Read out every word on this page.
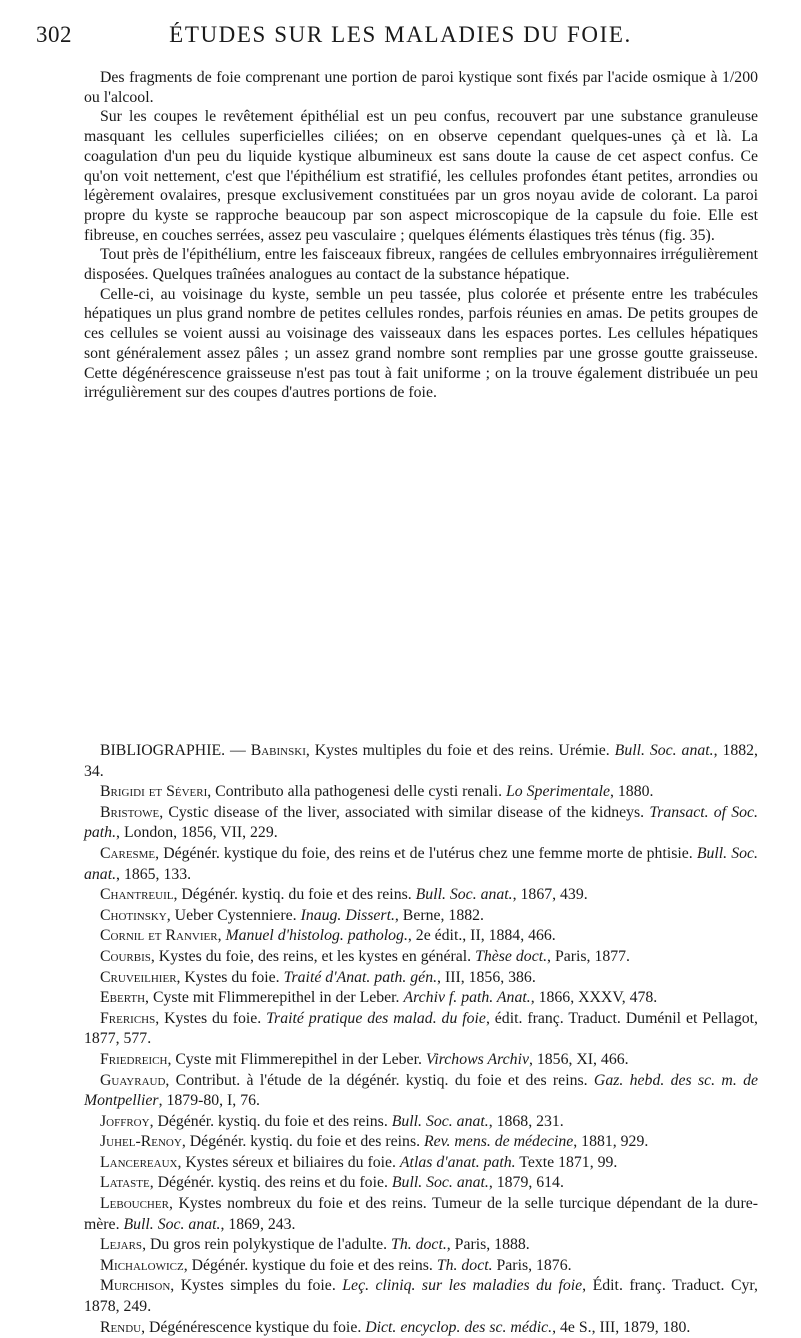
302	ÉTUDES SUR LES MALADIES DU FOIE.

Des fragments de foie comprenant une portion de paroi kystique sont fixés par l'acide osmique à 1/200 ou l'alcool.

Sur les coupes le revêtement épithélial est un peu confus, recouvert par une substance granuleuse masquant les cellules superficielles ciliées; on en observe cependant quelques-unes çà et là. La coagulation d'un peu du liquide kystique albumineux est sans doute la cause de cet aspect confus. Ce qu'on voit nettement, c'est que l'épithélium est stratifié, les cellules profondes étant petites, arrondies ou légèrement ovalaires, presque exclusivement constituées par un gros noyau avide de colorant. La paroi propre du kyste se rapproche beaucoup par son aspect microscopique de la capsule du foie. Elle est fibreuse, en couches serrées, assez peu vasculaire ; quelques éléments élastiques très ténus (fig. 35).

Tout près de l'épithélium, entre les faisceaux fibreux, rangées de cellules embryonnaires irrégulièrement disposées. Quelques traînées analogues au contact de la substance hépatique.

Celle-ci, au voisinage du kyste, semble un peu tassée, plus colorée et présente entre les trabécules hépatiques un plus grand nombre de petites cellules rondes, parfois réunies en amas. De petits groupes de ces cellules se voient aussi au voisinage des vaisseaux dans les espaces portes. Les cellules hépatiques sont généralement assez pâles ; un assez grand nombre sont remplies par une grosse goutte graisseuse. Cette dégénérescence graisseuse n'est pas tout à fait uniforme ; on la trouve également distribuée un peu irrégulièrement sur des coupes d'autres portions de foie.

BIBLIOGRAPHIE. — Babinski, Kystes multiples du foie et des reins. Urémie. Bull. Soc. anat., 1882, 34.

Brigidi et Séveri, Contributo alla pathogenesi delle cysti renali. Lo Sperimentale, 1880.

Bristowe, Cystic disease of the liver, associated with similar disease of the kidneys. Transact. of Soc. path., London, 1856, VII, 229.

Caresme, Dégénér. kystique du foie, des reins et de l'utérus chez une femme morte de phtisie. Bull. Soc. anat., 1865, 133.

Chantreuil, Dégénér. kystiq. du foie et des reins. Bull. Soc. anat., 1867, 439.

Chotinsky, Ueber Cystenniere. Inaug. Dissert., Berne, 1882.

Cornil et Ranvier, Manuel d'histolog. patholog., 2e édit., II, 1884, 466.

Courbis, Kystes du foie, des reins, et les kystes en général. Thèse doct., Paris, 1877.

Cruveilhier, Kystes du foie. Traité d'Anat. path. gén., III, 1856, 386.

Eberth, Cyste mit Flimmerepithel in der Leber. Archiv f. path. Anat., 1866, XXXV, 478.

Frerichs, Kystes du foie. Traité pratique des malad. du foie, édit. franç. Traduct. Duménil et Pellagot, 1877, 577.

Friedreich, Cyste mit Flimmerepithel in der Leber. Virchows Archiv, 1856, XI, 466.

Guayraud, Contribut. à l'étude de la dégénér. kystiq. du foie et des reins. Gaz. hebd. des sc. m. de Montpellier, 1879-80, I, 76.

Joffroy, Dégénér. kystiq. du foie et des reins. Bull. Soc. anat., 1868, 231.

Juhel-Renoy, Dégénér. kystiq. du foie et des reins. Rev. mens. de médecine, 1881, 929.

Lancereaux, Kystes séreux et biliaires du foie. Atlas d'anat. path. Texte 1871, 99.

Lataste, Dégénér. kystiq. des reins et du foie. Bull. Soc. anat., 1879, 614.

Leboucher, Kystes nombreux du foie et des reins. Tumeur de la selle turcique dépendant de la dure-mère. Bull. Soc. anat., 1869, 243.

Lejars, Du gros rein polykystique de l'adulte. Th. doct., Paris, 1888.

Michalowicz, Dégénér. kystique du foie et des reins. Th. doct. Paris, 1876.

Murchison, Kystes simples du foie. Leç. cliniq. sur les maladies du foie, Édit. franç. Traduct. Cyr, 1878, 249.

Rendu, Dégénérescence kystique du foie. Dict. encyclop. des sc. médic., 4e S., III, 1879, 180.
